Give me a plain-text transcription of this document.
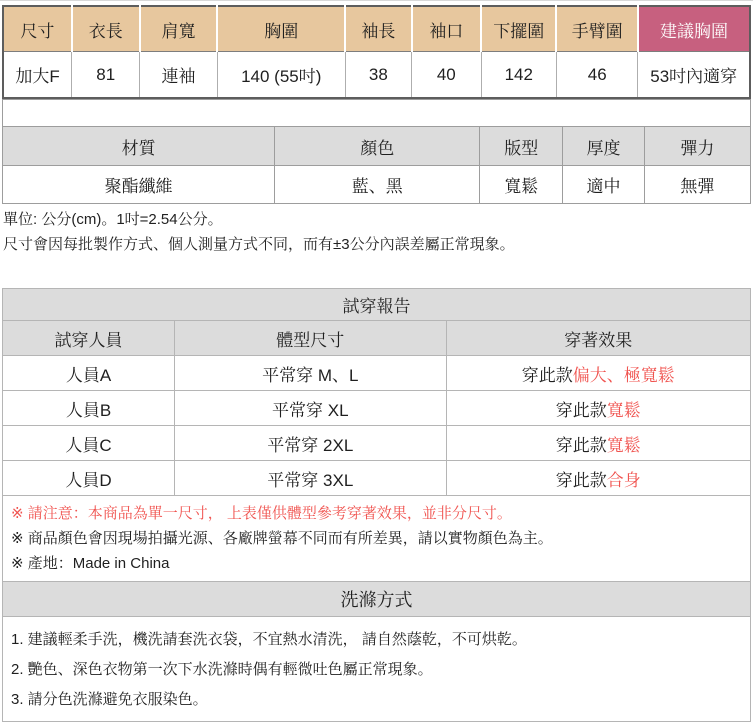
尺寸	衣長	肩寬	胸圍	袖長	袖口	下擺圍	手臂圍	建議胸圍
加大F	81	連袖	140 (55吋)	38	40	142	46	53吋內適穿

材質	顏色	版型	厚度	彈力
聚酯纖維	藍、黑	寬鬆	適中	無彈
單位: 公分(cm)。1吋=2.54公分。
尺寸會因每批製作方式、個人測量方式不同，而有±3公分內誤差屬正常現象。
試穿報告		
試穿人員	體型尺寸	穿著效果
人員A	平常穿 M、L	穿此款偏大、極寬鬆
人員B	平常穿 XL	穿此款寬鬆
人員C	平常穿 2XL	穿此款寬鬆
人員D	平常穿 3XL	穿此款合身

※ 請注意：本商品為單一尺寸， 上表僅供體型參考穿著效果，並非分尺寸。
※ 商品顏色會因現場拍攝光源、各廠牌螢幕不同而有所差異，請以實物顏色為主。
※ 產地：Made in China		

洗滌方式		

1. 建議輕柔手洗，機洗請套洗衣袋，不宜熱水清洗， 請自然蔭乾，不可烘乾。
2. 艷色、深色衣物第一次下水洗滌時偶有輕微吐色屬正常現象。
3. 請分色洗滌避免衣服染色。		
